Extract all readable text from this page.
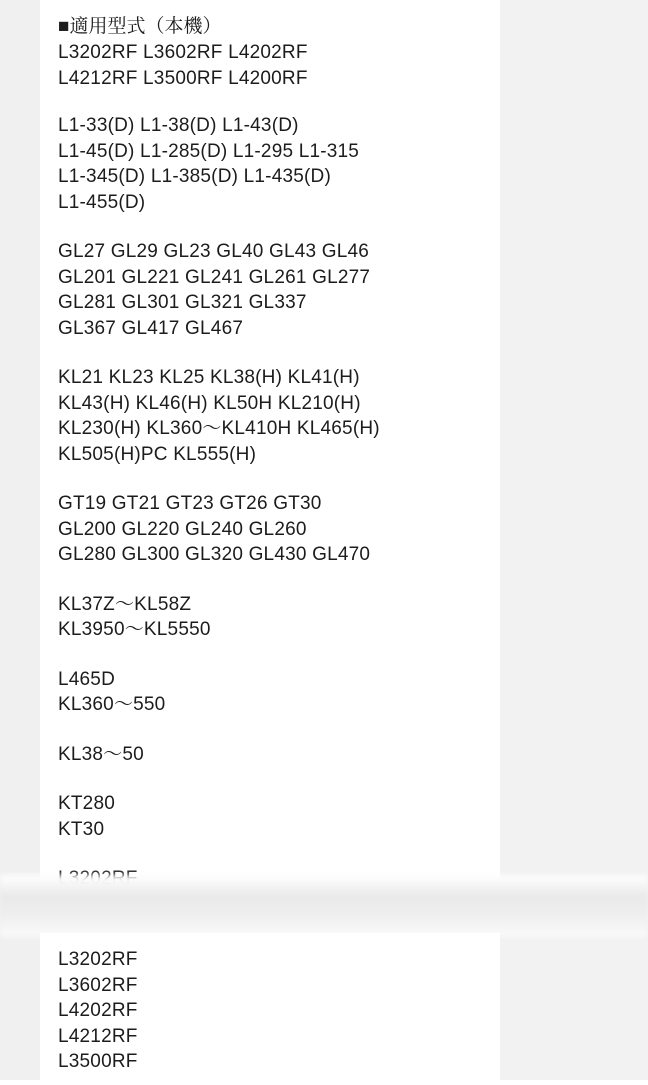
■適用型式（本機）
L3202RF L3602RF L4202RF
L4212RF L3500RF L4200RF
L1-33(D) L1-38(D) L1-43(D)
L1-45(D) L1-285(D) L1-295 L1-315
L1-345(D) L1-385(D) L1-435(D)
L1-455(D)
GL27 GL29 GL23 GL40 GL43 GL46
GL201 GL221 GL241 GL261 GL277
GL281 GL301 GL321 GL337
GL367 GL417 GL467
KL21 KL23 KL25 KL38(H) KL41(H)
KL43(H) KL46(H) KL50H KL210(H)
KL230(H) KL360〜KL410H KL465(H)
KL505(H)PC KL555(H)
GT19 GT21 GT23 GT26 GT30
GL200 GL220 GL240 GL260
GL280 GL300 GL320 GL430 GL470
KL37Z〜KL58Z
KL3950〜KL5550
L465D
KL360〜550
KL38〜50
KT280
KT30
L3202RF
L3602RF
L4202RF
L4212RF
L3500RF
